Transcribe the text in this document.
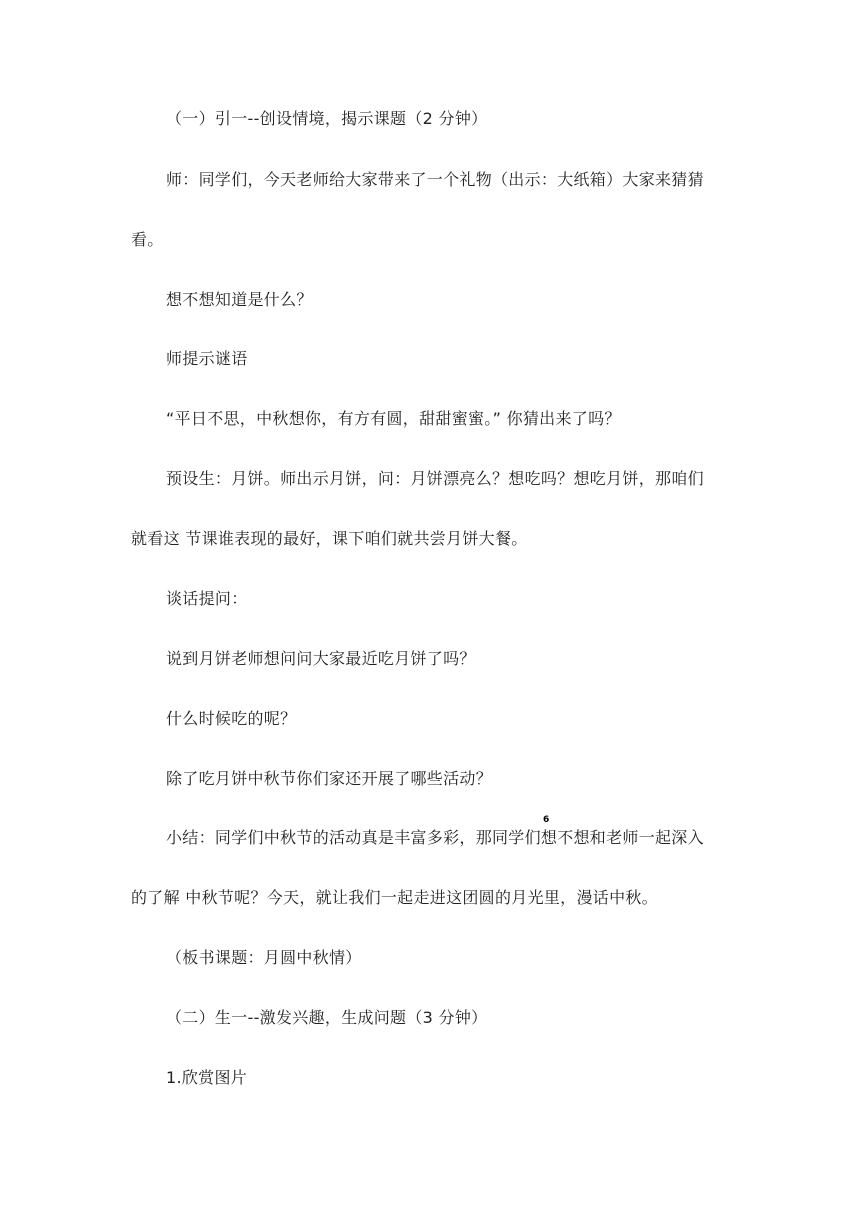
（一）引一--创设情境，揭示课题（2 分钟）
师：同学们，今天老师给大家带来了一个礼物（出示：大纸箱）大家来猜猜
看。
想不想知道是什么？
师提示谜语
“平日不思，中秋想你，有方有圆，甜甜蜜蜜。” 你猜出来了吗？
预设生：月饼。师出示月饼，问：月饼漂亮么？想吃吗？想吃月饼，那咱们
就看这 节课谁表现的最好，课下咱们就共尝月饼大餐。
谈话提问：
说到月饼老师想问问大家最近吃月饼了吗？
什么时候吃的呢？
除了吃月饼中秋节你们家还开展了哪些活动？
6
小结：同学们中秋节的活动真是丰富多彩，那同学们想不想和老师一起深入
的了解 中秋节呢？今天，就让我们一起走进这团圆的月光里，漫话中秋。
（板书课题：月圆中秋情）
（二）生一--激发兴趣，生成问题（3 分钟）
1.欣赏图片
